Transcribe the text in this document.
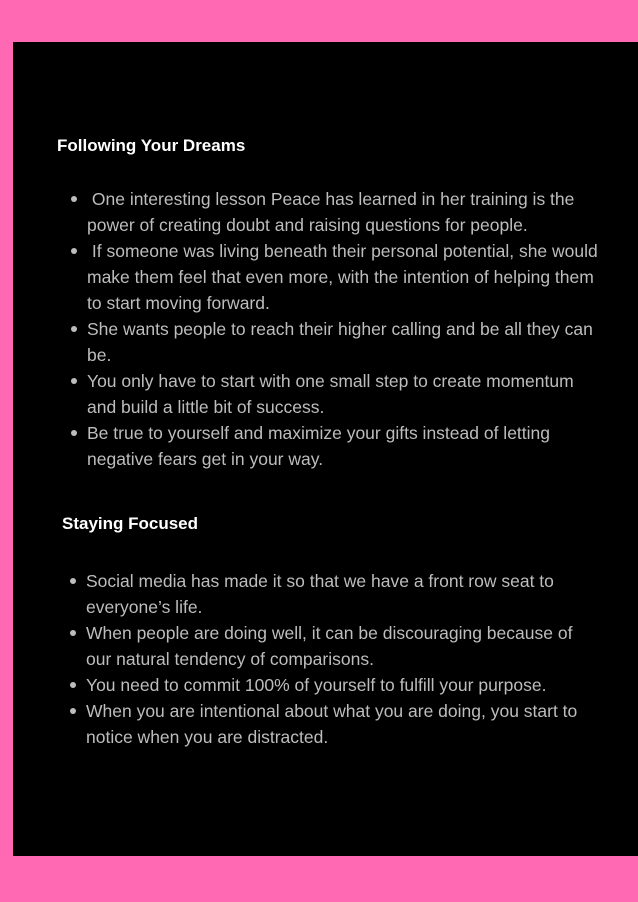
Following Your Dreams
One interesting lesson Peace has learned in her training is the power of creating doubt and raising questions for people.
If someone was living beneath their personal potential, she would make them feel that even more, with the intention of helping them to start moving forward.
She wants people to reach their higher calling and be all they can be.
You only have to start with one small step to create momentum and build a little bit of success.
Be true to yourself and maximize your gifts instead of letting negative fears get in your way.
Staying Focused
Social media has made it so that we have a front row seat to everyone’s life.
When people are doing well, it can be discouraging because of our natural tendency of comparisons.
You need to commit 100% of yourself to fulfill your purpose.
When you are intentional about what you are doing, you start to notice when you are distracted.
